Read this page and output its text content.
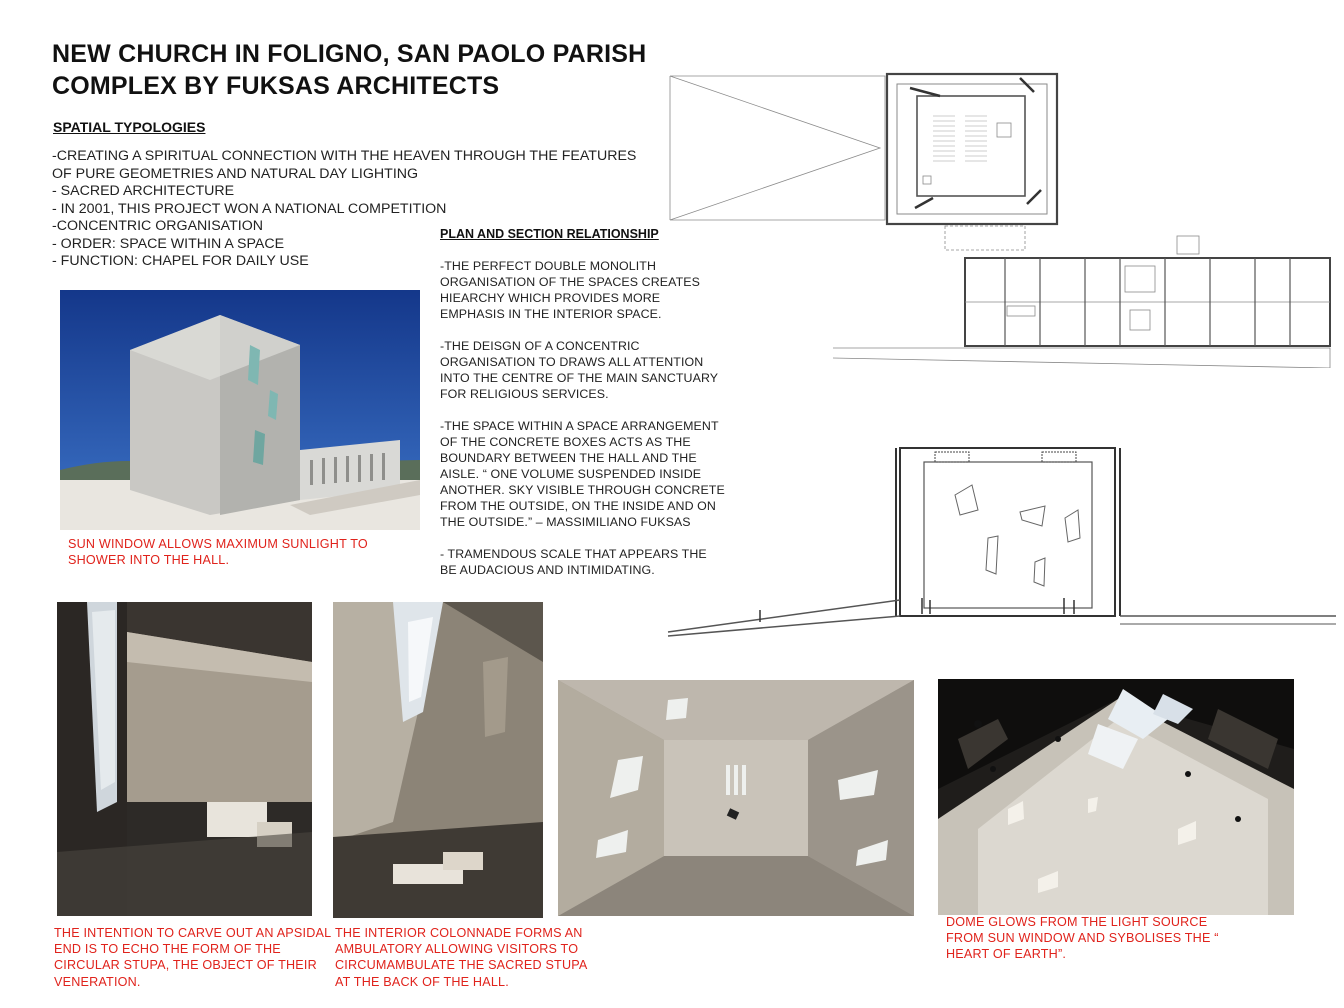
NEW CHURCH IN FOLIGNO, SAN PAOLO PARISH
COMPLEX BY FUKSAS ARCHITECTS
SPATIAL TYPOLOGIES
-CREATING A SPIRITUAL CONNECTION WITH THE HEAVEN THROUGH THE FEATURES
OF PURE GEOMETRIES AND NATURAL DAY LIGHTING
- SACRED ARCHITECTURE
- IN 2001, THIS PROJECT WON A NATIONAL COMPETITION
-CONCENTRIC ORGANISATION
- ORDER: SPACE WITHIN A SPACE
- FUNCTION: CHAPEL FOR DAILY USE
PLAN AND SECTION RELATIONSHIP

-THE PERFECT DOUBLE MONOLITH
ORGANISATION OF THE SPACES CREATES
HIEARCHY WHICH PROVIDES MORE
EMPHASIS IN THE INTERIOR SPACE.

-THE DEISGN OF A CONCENTRIC
ORGANISATION TO DRAWS ALL ATTENTION
INTO THE CENTRE OF THE MAIN SANCTUARY
FOR RELIGIOUS SERVICES.

-THE SPACE WITHIN A SPACE ARRANGEMENT
OF THE CONCRETE BOXES ACTS AS THE
BOUNDARY BETWEEN THE HALL AND THE
AISLE. “ ONE VOLUME SUSPENDED INSIDE
ANOTHER. SKY VISIBLE THROUGH CONCRETE
FROM THE OUTSIDE, ON THE INSIDE AND ON
THE OUTSIDE.” – MASSIMILIANO FUKSAS

- TRAMENDOUS SCALE THAT APPEARS THE
BE AUDACIOUS AND INTIMIDATING.

SUN WINDOW ALLOWS MAXIMUM SUNLIGHT TO
SHOWER INTO THE HALL.
THE INTENTION TO CARVE OUT AN APSIDAL
END IS TO ECHO THE FORM OF THE
CIRCULAR STUPA, THE OBJECT OF THEIR
VENERATION.
THE INTERIOR COLONNADE FORMS AN
AMBULATORY ALLOWING VISITORS TO
CIRCUMAMBULATE THE SACRED STUPA
AT THE BACK OF THE HALL.
DOME GLOWS FROM THE LIGHT SOURCE
FROM SUN WINDOW AND SYBOLISES THE “
HEART OF EARTH”.
